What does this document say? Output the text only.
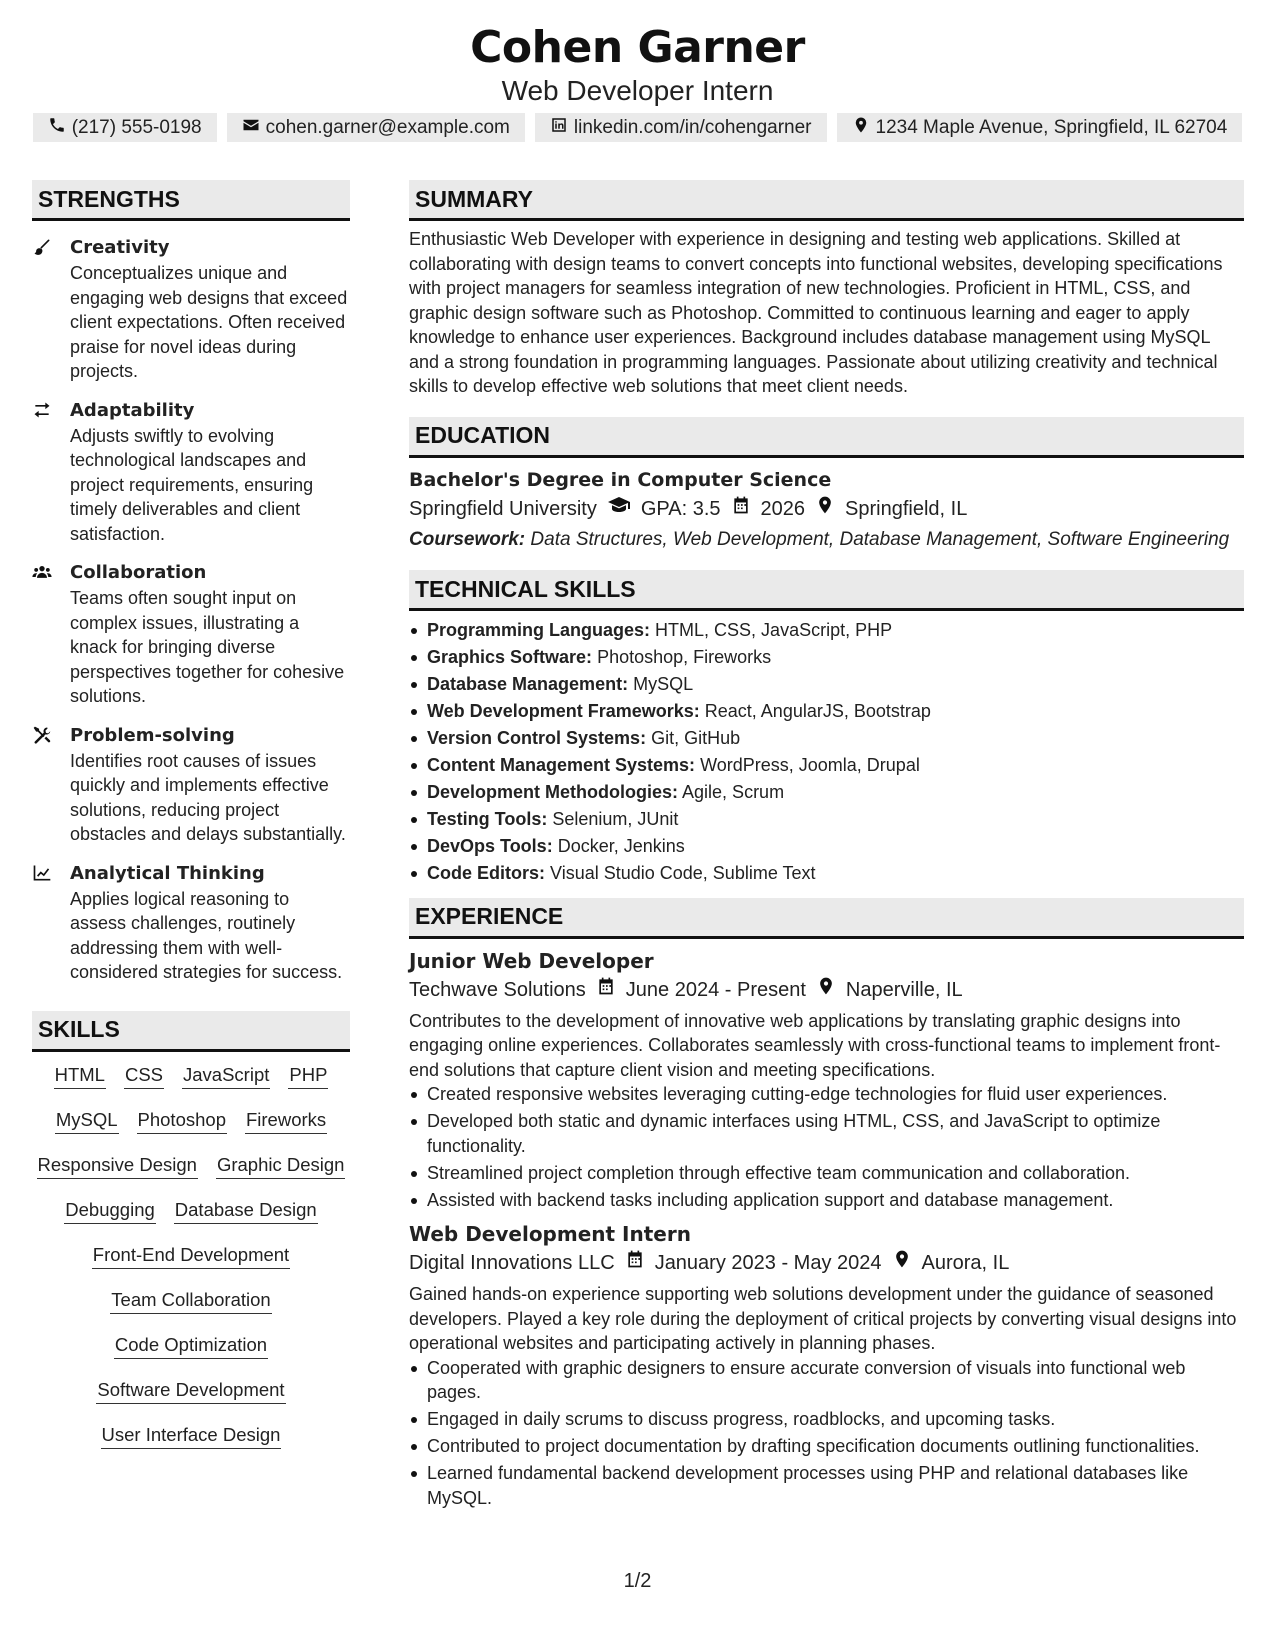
Cohen Garner
Web Developer Intern
(217) 555-0198	cohen.garner@example.com	linkedin.com/in/cohengarner	1234 Maple Avenue, Springfield, IL 62704
STRENGTHS
Creativity
Conceptualizes unique and engaging web designs that exceed client expectations. Often received praise for novel ideas during projects.
Adaptability
Adjusts swiftly to evolving technological landscapes and project requirements, ensuring timely deliverables and client satisfaction.
Collaboration
Teams often sought input on complex issues, illustrating a knack for bringing diverse perspectives together for cohesive solutions.
Problem-solving
Identifies root causes of issues quickly and implements effective solutions, reducing project obstacles and delays substantially.
Analytical Thinking
Applies logical reasoning to assess challenges, routinely addressing them with well-considered strategies for success.
SKILLS
HTML CSS JavaScript PHP
MySQL Photoshop Fireworks
Responsive Design Graphic Design
Debugging Database Design
Front-End Development
Team Collaboration
Code Optimization
Software Development
User Interface Design
SUMMARY
Enthusiastic Web Developer with experience in designing and testing web applications. Skilled at collaborating with design teams to convert concepts into functional websites, developing specifications with project managers for seamless integration of new technologies. Proficient in HTML, CSS, and graphic design software such as Photoshop. Committed to continuous learning and eager to apply knowledge to enhance user experiences. Background includes database management using MySQL and a strong foundation in programming languages. Passionate about utilizing creativity and technical skills to develop effective web solutions that meet client needs.
EDUCATION
Bachelor's Degree in Computer Science
Springfield University GPA: 3.5 2026 Springfield, IL
Coursework: Data Structures, Web Development, Database Management, Software Engineering
TECHNICAL SKILLS
Programming Languages: HTML, CSS, JavaScript, PHP
Graphics Software: Photoshop, Fireworks
Database Management: MySQL
Web Development Frameworks: React, AngularJS, Bootstrap
Version Control Systems: Git, GitHub
Content Management Systems: WordPress, Joomla, Drupal
Development Methodologies: Agile, Scrum
Testing Tools: Selenium, JUnit
DevOps Tools: Docker, Jenkins
Code Editors: Visual Studio Code, Sublime Text
EXPERIENCE
Junior Web Developer
Techwave Solutions June 2024 - Present Naperville, IL
Contributes to the development of innovative web applications by translating graphic designs into engaging online experiences. Collaborates seamlessly with cross-functional teams to implement front-end solutions that capture client vision and meeting specifications.
Created responsive websites leveraging cutting-edge technologies for fluid user experiences.
Developed both static and dynamic interfaces using HTML, CSS, and JavaScript to optimize functionality.
Streamlined project completion through effective team communication and collaboration.
Assisted with backend tasks including application support and database management.
Web Development Intern
Digital Innovations LLC January 2023 - May 2024 Aurora, IL
Gained hands-on experience supporting web solutions development under the guidance of seasoned developers. Played a key role during the deployment of critical projects by converting visual designs into operational websites and participating actively in planning phases.
Cooperated with graphic designers to ensure accurate conversion of visuals into functional web pages.
Engaged in daily scrums to discuss progress, roadblocks, and upcoming tasks.
Contributed to project documentation by drafting specification documents outlining functionalities.
Learned fundamental backend development processes using PHP and relational databases like MySQL.
1/2
